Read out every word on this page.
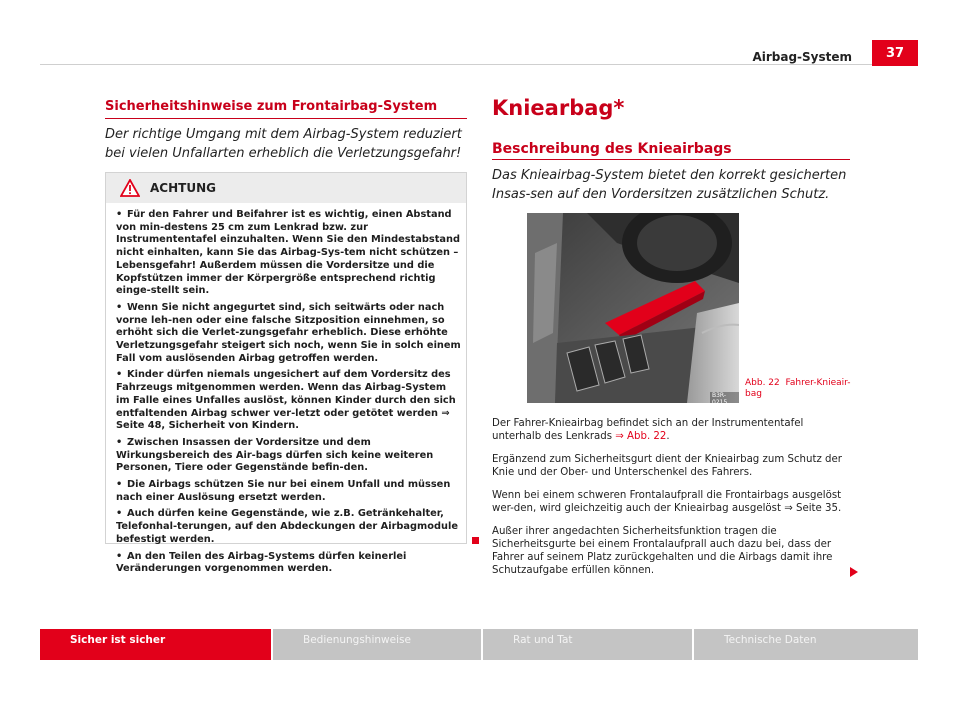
Airbag-System	37
Sicherheitshinweise zum Frontairbag-System
Der richtige Umgang mit dem Airbag-System reduziert bei vielen Unfallarten erheblich die Verletzungsgefahr!
ACHTUNG
• Für den Fahrer und Beifahrer ist es wichtig, einen Abstand von min-destens 25 cm zum Lenkrad bzw. zur Instrumententafel einzuhalten. Wenn Sie den Mindestabstand nicht einhalten, kann Sie das Airbag-Sys-tem nicht schützen – Lebensgefahr! Außerdem müssen die Vordersitze und die Kopfstützen immer der Körpergröße entsprechend richtig einge-stellt sein.
• Wenn Sie nicht angegurtet sind, sich seitwärts oder nach vorne leh-nen oder eine falsche Sitzposition einnehmen, so erhöht sich die Verlet-zungsgefahr erheblich. Diese erhöhte Verletzungsgefahr steigert sich noch, wenn Sie in solch einem Fall vom auslösenden Airbag getroffen werden.
• Kinder dürfen niemals ungesichert auf dem Vordersitz des Fahrzeugs mitgenommen werden. Wenn das Airbag-System im Falle eines Unfalles auslöst, können Kinder durch den sich entfaltenden Airbag schwer ver-letzt oder getötet werden ⇒ Seite 48, Sicherheit von Kindern.
• Zwischen Insassen der Vordersitze und dem Wirkungsbereich des Air-bags dürfen sich keine weiteren Personen, Tiere oder Gegenstände befin-den.
• Die Airbags schützen Sie nur bei einem Unfall und müssen nach einer Auslösung ersetzt werden.
• Auch dürfen keine Gegenstände, wie z.B. Getränkehalter, Telefonhal-terungen, auf den Abdeckungen der Airbagmodule befestigt werden.
• An den Teilen des Airbag-Systems dürfen keinerlei Veränderungen vorgenommen werden.
Kniearbag*
Beschreibung des Knieairbags
Das Knieairbag-System bietet den korrekt gesicherten Insas-sen auf den Vordersitzen zusätzlichen Schutz.
B3R-0215
Abb. 22 Fahrer-Knieair-bag
Der Fahrer-Knieairbag befindet sich an der Instrumententafel unterhalb des Lenkrads ⇒ Abb. 22.
Ergänzend zum Sicherheitsgurt dient der Knieairbag zum Schutz der Knie und der Ober- und Unterschenkel des Fahrers.
Wenn bei einem schweren Frontalaufprall die Frontairbags ausgelöst wer-den, wird gleichzeitig auch der Knieairbag ausgelöst ⇒ Seite 35.
Außer ihrer angedachten Sicherheitsfunktion tragen die Sicherheitsgurte bei einem Frontalaufprall auch dazu bei, dass der Fahrer auf seinem Platz zurückgehalten und die Airbags damit ihre Schutzaufgabe erfüllen können.
Sicher ist sicher	Bedienungshinweise	Rat und Tat	Technische Daten
